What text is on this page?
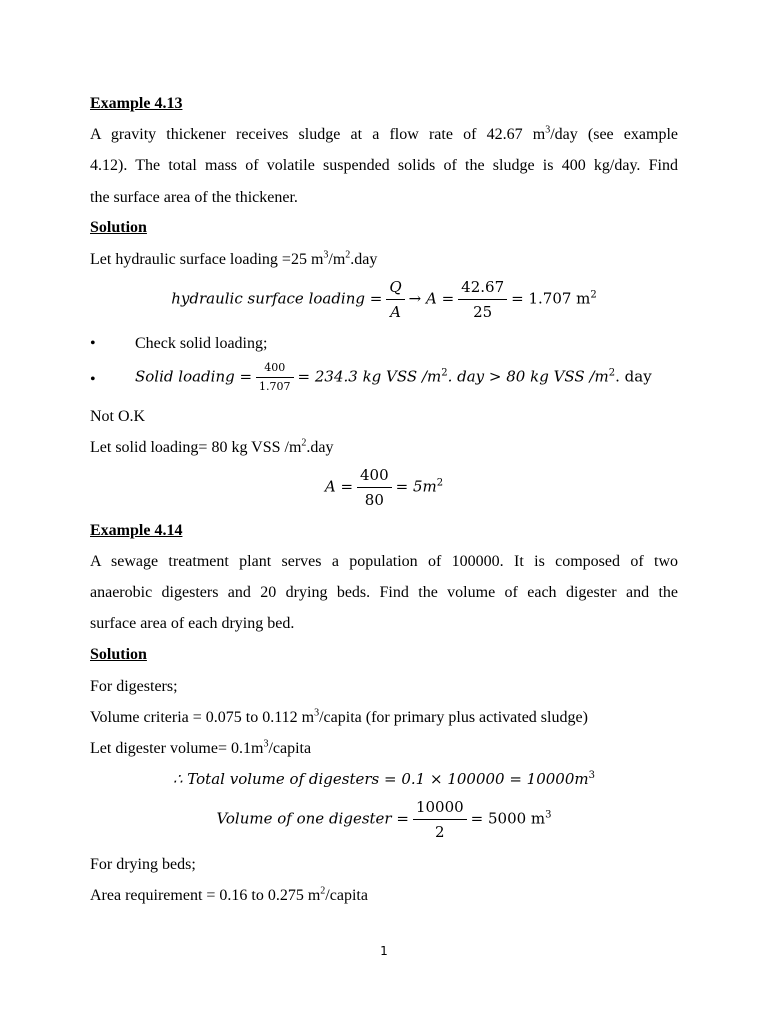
Example 4.13
A gravity thickener receives sludge at a flow rate of 42.67 $m^3$/day (see example
4.12). The total mass of volatile suspended solids of the sludge is 400 kg/day. Find
the surface area of the thickener.
Solution
Let hydraulic surface loading =25 $m^3/m^2.day$
hydraulic surface loading = $\frac{Q}{A} \to A = \frac{42.67}{25} = 1.707$ $m^2$
• Check solid loading;
•	Solid loading = $\frac{400}{1.707} = 234.3$ kg VSS $/m^2$. day > 80 kg VSS $/m^2$. day
Not O.K
Let solid loading= 80 kg VSS $/m^2.day$
$A = \frac{400}{80} = 5m^2$
Example 4.14
A sewage treatment plant serves a population of 100000. It is composed of two
anaerobic digesters and 20 drying beds. Find the volume of each digester and the
surface area of each drying bed.
Solution
For digesters;
Volume criteria = 0.075 to 0.112 $m^3$/capita (for primary plus activated sludge)
Let digester volume= $0.1m^3$/capita
∴ Total volume of digesters = $0.1 \times 100000 = 10000m^3$
Volume of one digester = $\frac{10000}{2} = 5000$ $m^3$
For drying beds;
Area requirement = 0.16 to 0.275 $m^2$/capita
1
